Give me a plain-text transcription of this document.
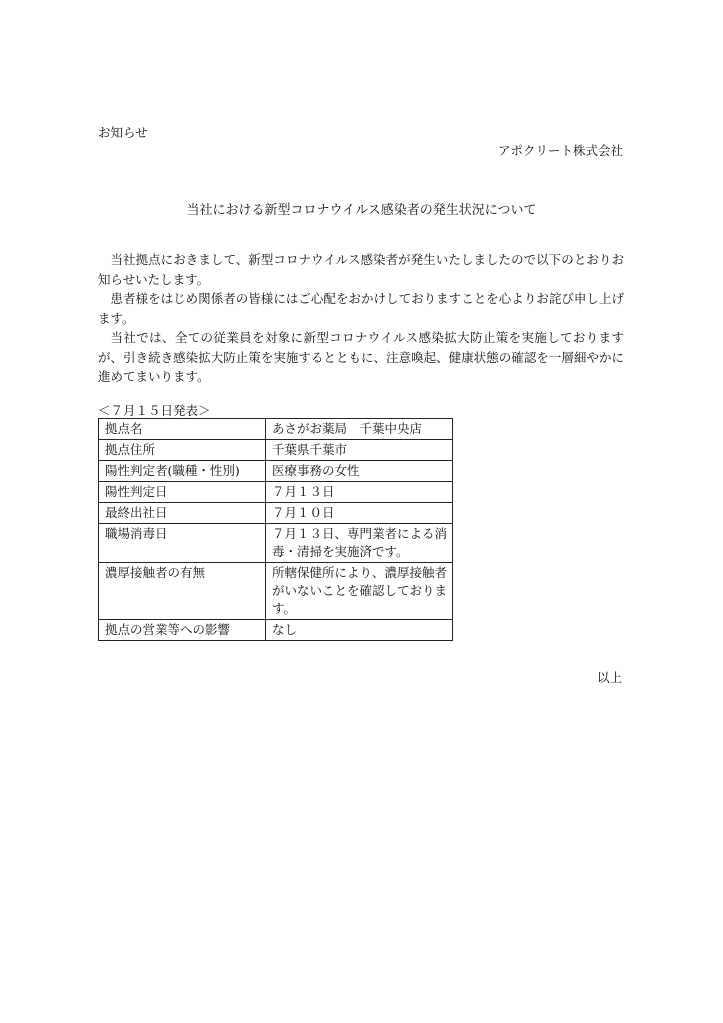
お知らせ
アポクリート株式会社
当社における新型コロナウイルス感染者の発生状況について

当社拠点におきまして、新型コロナウイルス感染者が発生いたしましたので以下のとおりお知らせいたします。

患者様をはじめ関係者の皆様にはご心配をおかけしておりますことを心よりお詫び申し上げます。

当社では、全ての従業員を対象に新型コロナウイルス感染拡大防止策を実施しておりますが、引き続き感染拡大防止策を実施するとともに、注意喚起、健康状態の確認を一層細やかに進めてまいります。

＜７月１５日発表＞
拠点名	あさがお薬局　千葉中央店
拠点住所	千葉県千葉市
陽性判定者(職種・性別)	医療事務の女性
陽性判定日	７月１３日
最終出社日	７月１０日
職場消毒日	７月１３日、専門業者による消毒・清掃を実施済です。
濃厚接触者の有無	所轄保健所により、濃厚接触者がいないことを確認しております。
拠点の営業等への影響	なし
以上
